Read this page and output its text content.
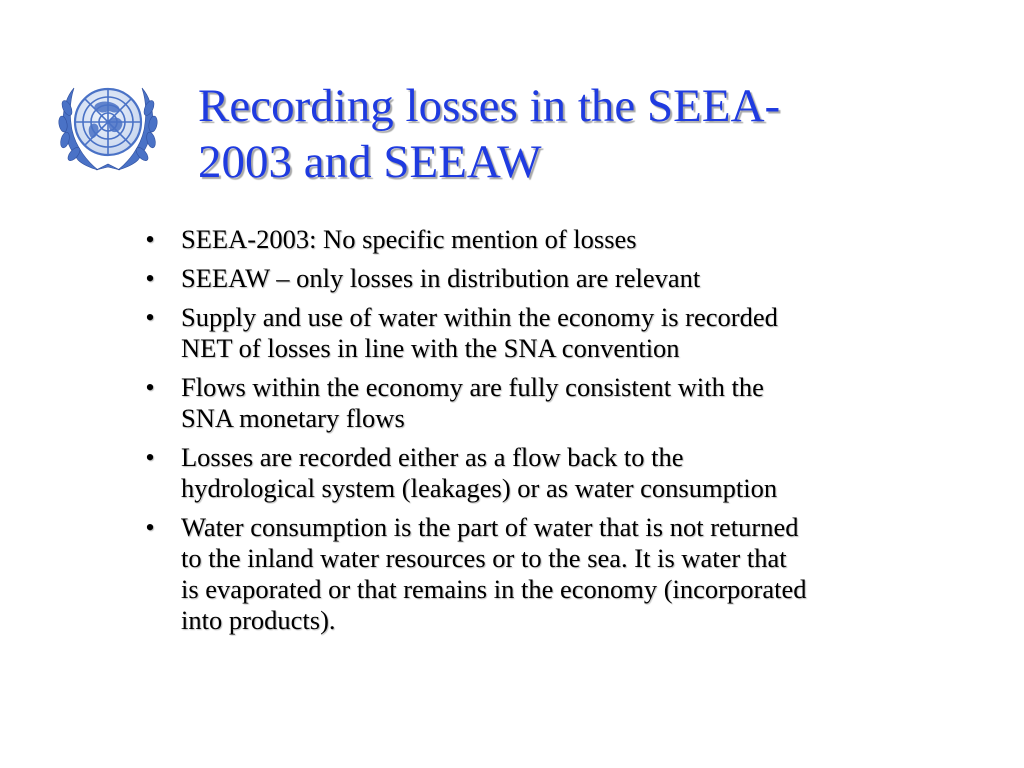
Recording losses in the SEEA-
2003 and SEEAW
• SEEA-2003: No specific mention of losses
• SEEAW – only losses in distribution are relevant
• Supply and use of water within the economy is recorded
NET of losses in line with the SNA convention
• Flows within the economy are fully consistent with the
SNA monetary flows
• Losses are recorded either as a flow back to the
hydrological system (leakages) or as water consumption
• Water consumption is the part of water that is not returned
to the inland water resources or to the sea. It is water that
is evaporated or that remains in the economy (incorporated
into products).
